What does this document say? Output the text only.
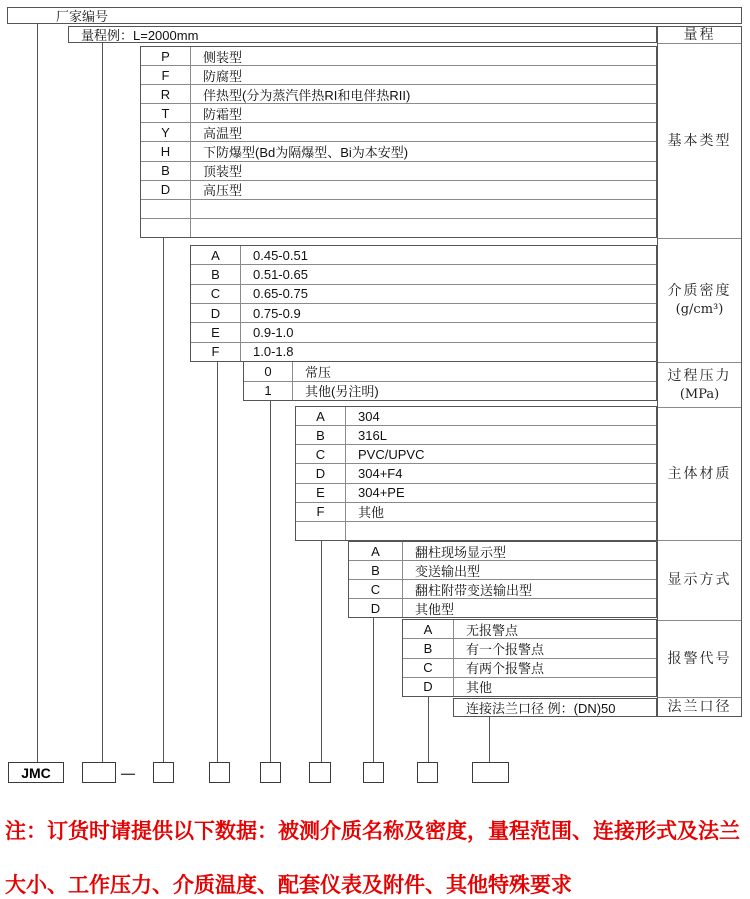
厂家编号
量程例：L=2000mm
P	侧装型
F	防腐型
R	伴热型(分为蒸汽伴热RI和电伴热RII)
T	防霜型
Y	高温型
H	下防爆型(Bd为隔爆型、Bi为本安型)
B	顶装型
D	高压型
A	0.45-0.51
B	0.51-0.65
C	0.65-0.75
D	0.75-0.9
E	0.9-1.0
F	1.0-1.8
0	常压
1	其他(另注明)
A	304
B	316L
C	PVC/UPVC
D	304+F4
E	304+PE
F	其他
A	翻柱现场显示型
B	变送输出型
C	翻柱附带变送输出型
D	其他型
A	无报警点
B	有一个报警点
C	有两个报警点
D	其他
连接法兰口径 例：(DN)50
量程
基本类型
介质密度
(g/cm³)
过程压力
(MPa)
主体材质
显示方式
报警代号
法兰口径
JMC	—

注：订货时请提供以下数据：被测介质名称及密度，量程范围、连接形式及法兰

大小、工作压力、介质温度、配套仪表及附件、其他特殊要求
